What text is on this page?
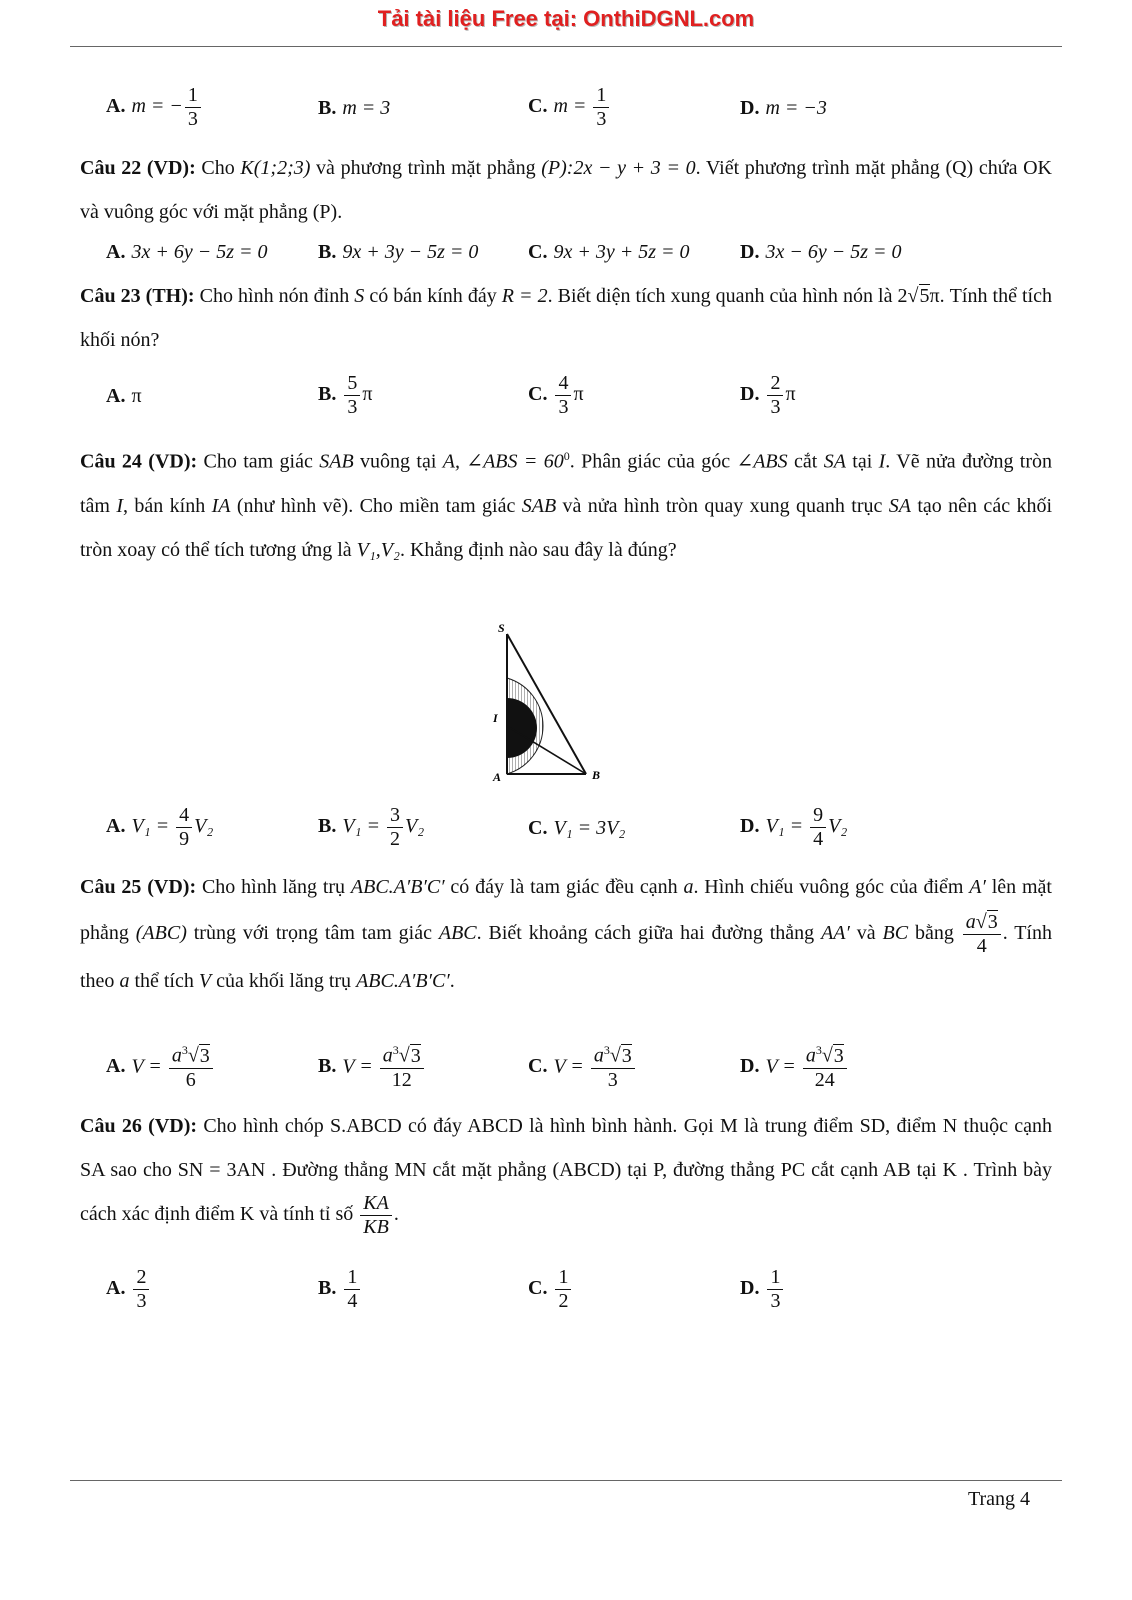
Tải tài liệu Free tại: OnthiDGNL.com
A. m = − $\frac{1}{3}$	B. m = 3	C. $m = \frac{1}{3}$	D. m = −3

Câu 22 (VD): Cho K(1;2;3) và phương trình mặt phẳng (P):2x − y + 3 = 0. Viết phương trình mặt phẳng (Q) chứa OK và vuông góc với mặt phẳng (P).

A. 3x + 6y − 5z = 0	B. 9x + 3y − 5z = 0 C. 9x + 3y + 5z = 0	D. 3x − 6y − 5z = 0

Câu 23 (TH): Cho hình nón đỉnh S có bán kính đáy R = 2. Biết diện tích xung quanh của hình nón là 2√5π. Tính thể tích khối nón?

A. π	B. $\frac{5}{3}$ π	C. $\frac{4}{3}$ π	D. $\frac{2}{3}$ π

Câu 24 (VD): Cho tam giác SAB vuông tại A, ∠ABS = $60^0$. Phân giác của góc ∠ABS cắt SA tại I. Vẽ nửa đường tròn tâm I, bán kính IA (như hình vẽ). Cho miền tam giác SAB và nửa hình tròn quay xung quanh trục SA tạo nên các khối tròn xoay có thể tích tương ứng là V₁,V₂. Khẳng định nào sau đây là đúng?

S
I
A	B
A. $V_1 = \frac{4}{9} V_2$	B. $V_1 = \frac{3}{2} V_2$	C. V₁ = 3V₂	D. $V_1 = \frac{9}{4} V_2$

Câu 25 (VD): Cho hình lăng trụ ABC.A′B′C′ có đáy là tam giác đều cạnh a. Hình chiếu vuông góc của điểm A′ lên mặt phẳng (ABC) trùng với trọng tâm tam giác ABC. Biết khoảng cách giữa hai đường thẳng AA′ và BC bằng $\frac{a√3}{4}$ . Tính theo a thể tích V của khối lăng trụ ABC.A′B′C′.

A. $V = \frac{a^3√3}{6}$	B. $V = \frac{a^3√3}{12}$	C. $V = \frac{a^3√3}{3}$	D. $V = \frac{a^3√3}{24}$

Câu 26 (VD): Cho hình chóp S.ABCD có đáy ABCD là hình bình hành. Gọi M là trung điểm SD, điểm N thuộc cạnh SA sao cho SN = 3AN . Đường thẳng MN cắt mặt phẳng (ABCD) tại P, đường thẳng PC cắt cạnh AB tại K . Trình bày cách xác định điểm K và tính tỉ số $\frac{KA}{KB}$ .

A. $\frac{2}{3}$	B. $\frac{1}{4}$	C. $\frac{1}{2}$	D. $\frac{1}{3}$
Trang 4
